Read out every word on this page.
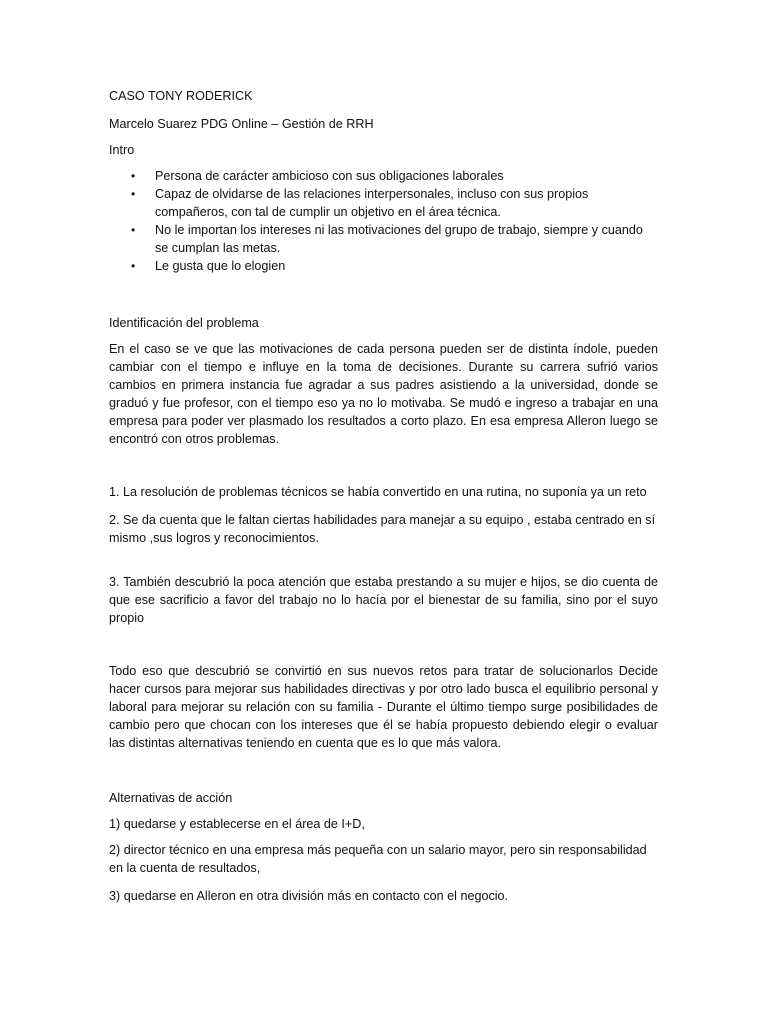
CASO TONY RODERICK

Marcelo Suarez PDG Online – Gestión de RRH

Intro

• Persona de carácter ambicioso con sus obligaciones laborales
• Capaz de olvidarse de las relaciones interpersonales, incluso con sus propios compañeros, con tal de cumplir un objetivo en el área técnica.
• No le importan los intereses ni las motivaciones del grupo de trabajo, siempre y cuando se cumplan las metas.
• Le gusta que lo elogien

Identificación del problema

En el caso se ve que las motivaciones de cada persona pueden ser de distinta índole, pueden cambiar con el tiempo e influye en la toma de decisiones. Durante su carrera sufrió varios cambios en primera instancia fue agradar a sus padres asistiendo a la universidad, donde se graduó y fue profesor, con el tiempo eso ya no lo motivaba. Se mudó e ingreso a trabajar en una empresa para poder ver plasmado los resultados a corto plazo. En esa empresa Alleron luego se encontró con otros problemas.

1. La resolución de problemas técnicos se había convertido en una rutina, no suponía ya un reto

2. Se da cuenta que le faltan ciertas habilidades para manejar a su equipo , estaba centrado en sí mismo ,sus logros y reconocimientos.

3. También descubrió la poca atención que estaba prestando a su mujer e hijos, se dio cuenta de que ese sacrificio a favor del trabajo no lo hacía por el bienestar de su familia, sino por el suyo propio

Todo eso que descubrió se convirtió en sus nuevos retos para tratar de solucionarlos Decide hacer cursos para mejorar sus habilidades directivas y por otro lado busca el equilibrio personal y laboral para mejorar su relación con su familia - Durante el último tiempo surge posibilidades de cambio pero que chocan con los intereses que él se había propuesto debiendo elegir o evaluar las distintas alternativas teniendo en cuenta que es lo que más valora.

Alternativas de acción

1) quedarse y establecerse en el área de I+D,

2) director técnico en una empresa más pequeña con un salario mayor, pero sin responsabilidad en la cuenta de resultados,

3) quedarse en Alleron en otra división más en contacto con el negocio.
